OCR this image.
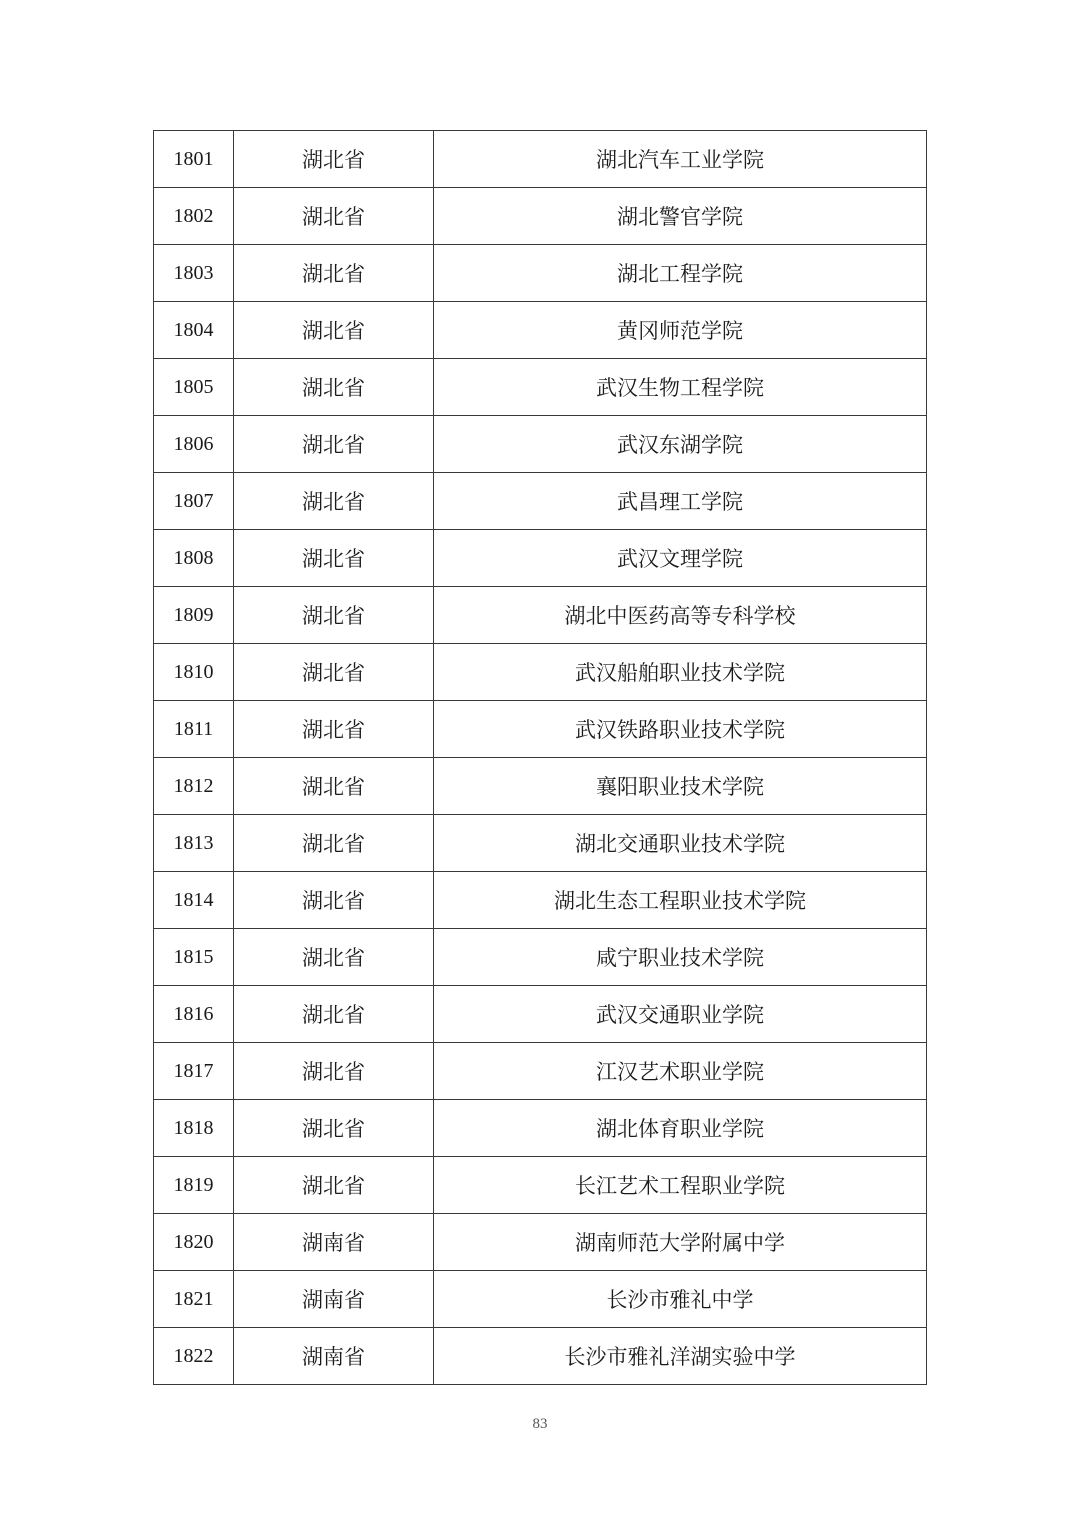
1801	湖北省	湖北汽车工业学院
1802	湖北省	湖北警官学院
1803	湖北省	湖北工程学院
1804	湖北省	黄冈师范学院
1805	湖北省	武汉生物工程学院
1806	湖北省	武汉东湖学院
1807	湖北省	武昌理工学院
1808	湖北省	武汉文理学院
1809	湖北省	湖北中医药高等专科学校
1810	湖北省	武汉船舶职业技术学院
1811	湖北省	武汉铁路职业技术学院
1812	湖北省	襄阳职业技术学院
1813	湖北省	湖北交通职业技术学院
1814	湖北省	湖北生态工程职业技术学院
1815	湖北省	咸宁职业技术学院
1816	湖北省	武汉交通职业学院
1817	湖北省	江汉艺术职业学院
1818	湖北省	湖北体育职业学院
1819	湖北省	长江艺术工程职业学院
1820	湖南省	湖南师范大学附属中学
1821	湖南省	长沙市雅礼中学
1822	湖南省	长沙市雅礼洋湖实验中学
83
